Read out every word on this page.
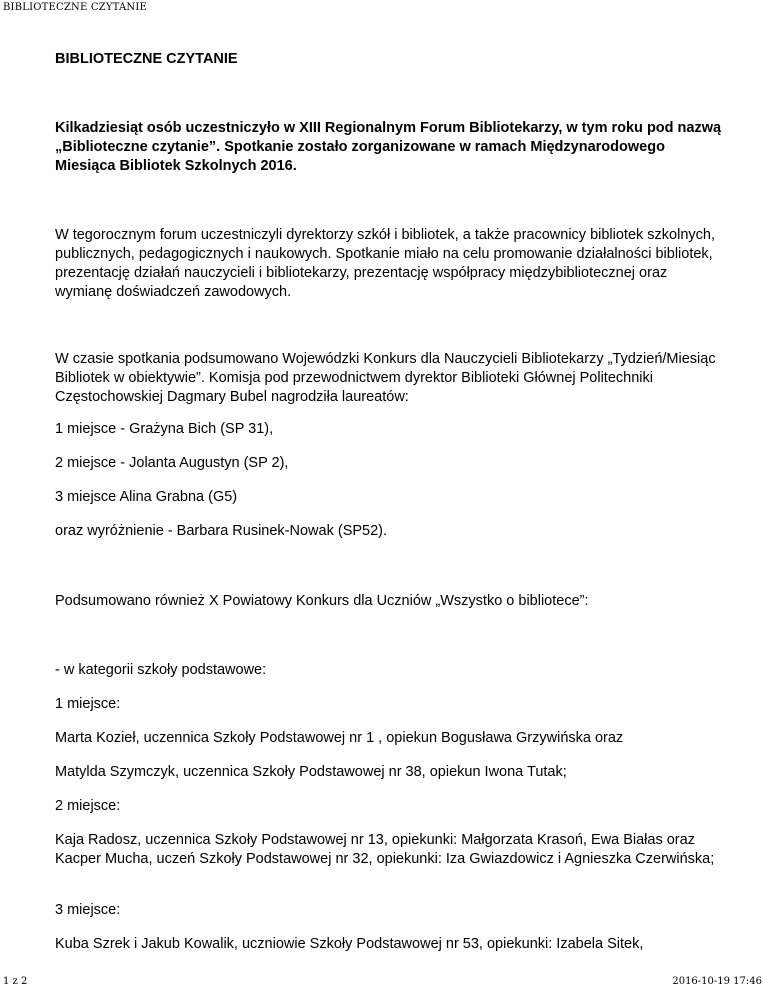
BIBLIOTECZNE CZYTANIE

BIBLIOTECZNE CZYTANIE

Kilkadziesiąt osób uczestniczyło w XIII Regionalnym Forum Bibliotekarzy, w tym roku pod nazwą „Biblioteczne czytanie”. Spotkanie zostało zorganizowane w ramach Międzynarodowego Miesiąca Bibliotek Szkolnych 2016.

W tegorocznym forum uczestniczyli dyrektorzy szkół i bibliotek, a także pracownicy bibliotek szkolnych, publicznych, pedagogicznych i naukowych. Spotkanie miało na celu promowanie działalności bibliotek, prezentację działań nauczycieli i bibliotekarzy, prezentację współpracy międzybibliotecznej oraz wymianę doświadczeń zawodowych.

W czasie spotkania podsumowano Wojewódzki Konkurs dla Nauczycieli Bibliotekarzy „Tydzień/Miesiąc Bibliotek w obiektywie”. Komisja pod przewodnictwem dyrektor Biblioteki Głównej Politechniki Częstochowskiej Dagmary Bubel nagrodziła laureatów:

1 miejsce - Grażyna Bich (SP 31),

2 miejsce - Jolanta Augustyn (SP 2),

3 miejsce Alina Grabna (G5)

oraz wyróżnienie - Barbara Rusinek-Nowak (SP52).

Podsumowano również X Powiatowy Konkurs dla Uczniów „Wszystko o bibliotece”:

- w kategorii szkoły podstawowe:

1 miejsce:

Marta Kozieł, uczennica Szkoły Podstawowej nr 1 , opiekun Bogusława Grzywińska oraz

Matylda Szymczyk, uczennica Szkoły Podstawowej nr 38, opiekun Iwona Tutak;

2 miejsce:

Kaja Radosz, uczennica Szkoły Podstawowej nr 13, opiekunki: Małgorzata Krasoń, Ewa Białas oraz Kacper Mucha, uczeń Szkoły Podstawowej nr 32, opiekunki: Iza Gwiazdowicz i Agnieszka Czerwińska;

3 miejsce:

Kuba Szrek i Jakub Kowalik, uczniowie Szkoły Podstawowej nr 53, opiekunki: Izabela Sitek,

1 z 2	2016-10-19 17:46
